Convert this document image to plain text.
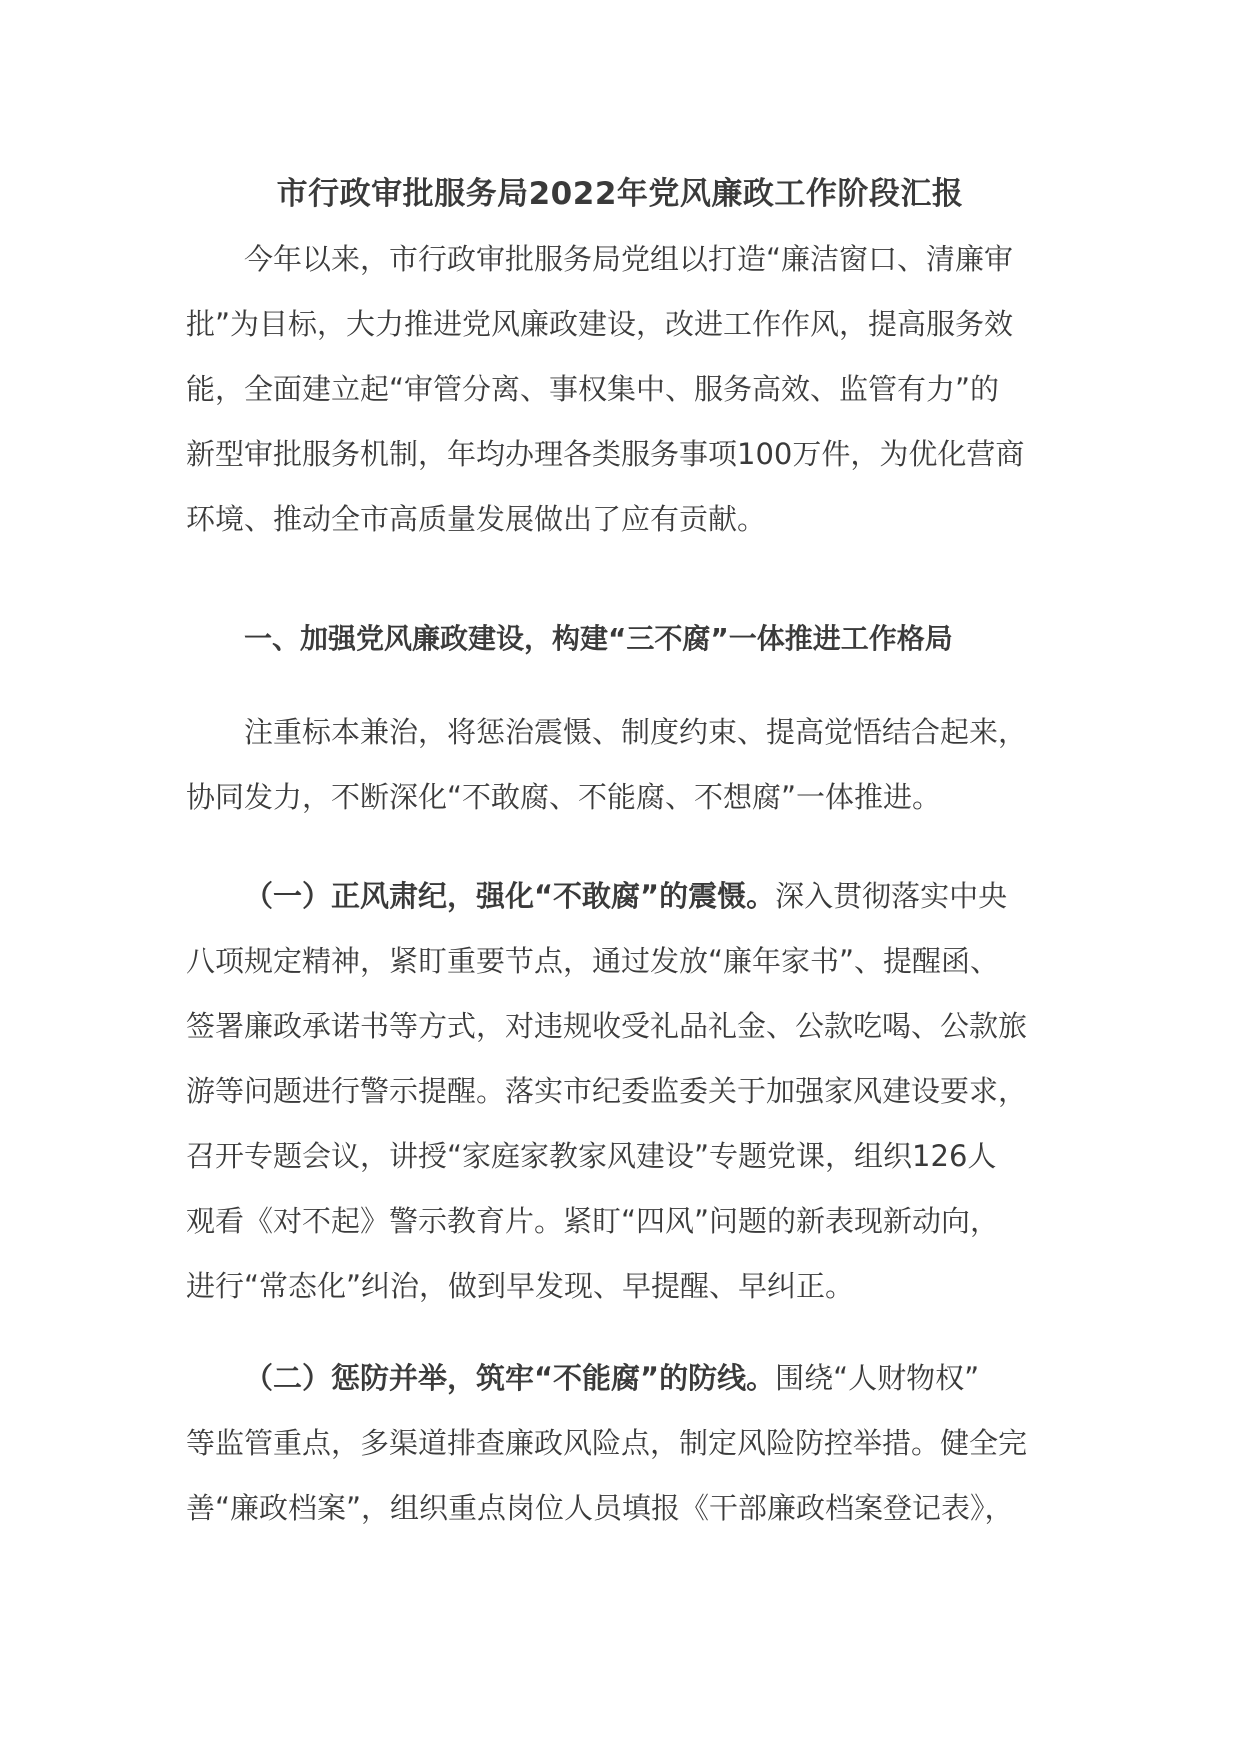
市行政审批服务局2022年党风廉政工作阶段汇报
今年以来，市行政审批服务局党组以打造“廉洁窗口、清廉审
批”为目标，大力推进党风廉政建设，改进工作作风，提高服务效
能，全面建立起“审管分离、事权集中、服务高效、监管有力”的
新型审批服务机制，年均办理各类服务事项100万件，为优化营商
环境、推动全市高质量发展做出了应有贡献。
一、加强党风廉政建设，构建“三不腐”一体推进工作格局
注重标本兼治，将惩治震慑、制度约束、提高觉悟结合起来，
协同发力，不断深化“不敢腐、不能腐、不想腐”一体推进。
（一）正风肃纪，强化“不敢腐”的震慑。深入贯彻落实中央
八项规定精神，紧盯重要节点，通过发放“廉年家书”、提醒函、
签署廉政承诺书等方式，对违规收受礼品礼金、公款吃喝、公款旅
游等问题进行警示提醒。落实市纪委监委关于加强家风建设要求，
召开专题会议，讲授“家庭家教家风建设”专题党课，组织126人
观看《对不起》警示教育片。紧盯“四风”问题的新表现新动向，
进行“常态化”纠治，做到早发现、早提醒、早纠正。
（二）惩防并举，筑牢“不能腐”的防线。围绕“人财物权”
等监管重点，多渠道排查廉政风险点，制定风险防控举措。健全完
善“廉政档案”，组织重点岗位人员填报《干部廉政档案登记表》，
